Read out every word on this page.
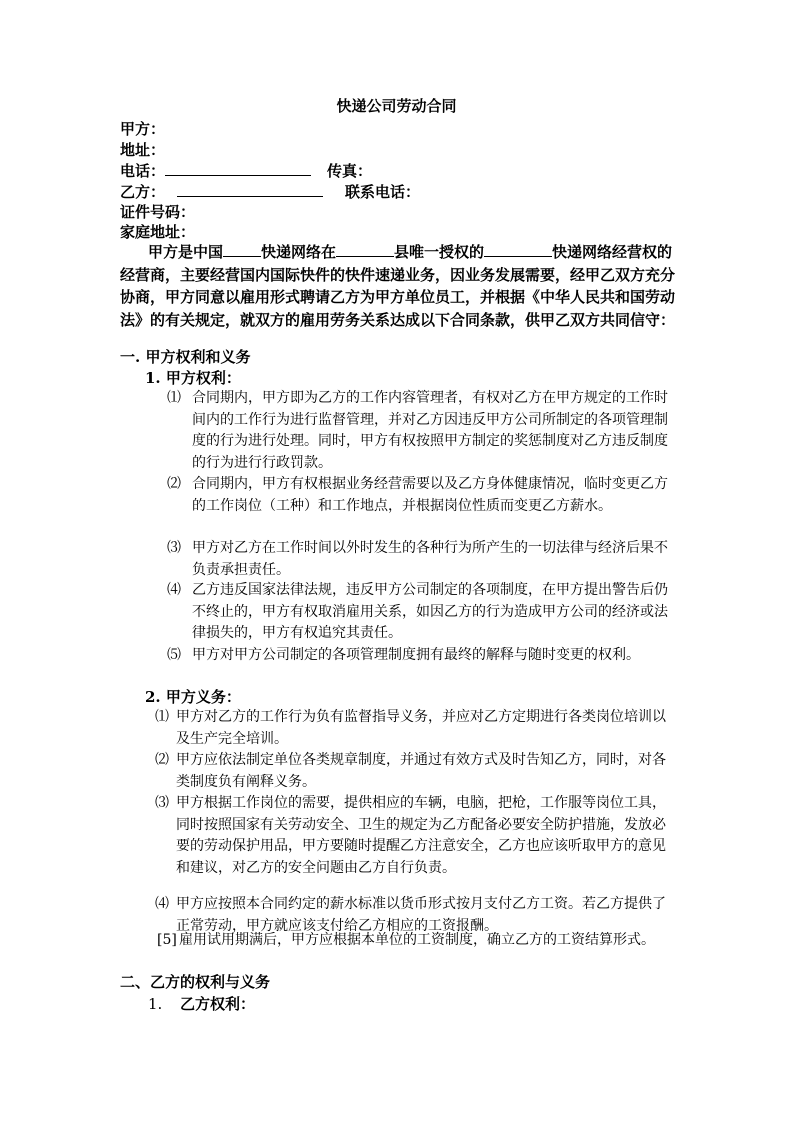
快递公司劳动合同
甲方：
地址：
电话：	传真：
乙方：	联系电话：
证件号码：
家庭地址：
甲方是中国	快递网络在	县唯一授权的	快递网络经营权的经营商，主要经营国内国际快件的快件速递业务，因业务发展需要，经甲乙双方充分协商，甲方同意以雇用形式聘请乙方为甲方单位员工，并根据《中华人民共和国劳动法》的有关规定，就双方的雇用劳务关系达成以下合同条款，供甲乙双方共同信守：
一. 甲方权利和义务
1. 甲方权利：
⑴ 合同期内，甲方即为乙方的工作内容管理者，有权对乙方在甲方规定的工作时间内的工作行为进行监督管理，并对乙方因违反甲方公司所制定的各项管理制度的行为进行处理。同时，甲方有权按照甲方制定的奖惩制度对乙方违反制度的行为进行行政罚款。
⑵ 合同期内，甲方有权根据业务经营需要以及乙方身体健康情况，临时变更乙方的工作岗位（工种）和工作地点，并根据岗位性质而变更乙方薪水。
⑶ 甲方对乙方在工作时间以外时发生的各种行为所产生的一切法律与经济后果不负责承担责任。
⑷ 乙方违反国家法律法规，违反甲方公司制定的各项制度，在甲方提出警告后仍不终止的，甲方有权取消雇用关系，如因乙方的行为造成甲方公司的经济或法律损失的，甲方有权追究其责任。
⑸ 甲方对甲方公司制定的各项管理制度拥有最终的解释与随时变更的权利。
2. 甲方义务：
⑴ 甲方对乙方的工作行为负有监督指导义务，并应对乙方定期进行各类岗位培训以及生产完全培训。
⑵ 甲方应依法制定单位各类规章制度，并通过有效方式及时告知乙方，同时，对各类制度负有阐释义务。
⑶ 甲方根据工作岗位的需要，提供相应的车辆，电脑，把枪，工作服等岗位工具，同时按照国家有关劳动安全、卫生的规定为乙方配备必要安全防护措施，发放必要的劳动保护用品，甲方要随时提醒乙方注意安全，乙方也应该听取甲方的意见和建议，对乙方的安全问题由乙方自行负责。
⑷ 甲方应按照本合同约定的薪水标准以货币形式按月支付乙方工资。若乙方提供了正常劳动，甲方就应该支付给乙方相应的工资报酬。
[5] 雇用试用期满后，甲方应根据本单位的工资制度，确立乙方的工资结算形式。
二、乙方的权利与义务
1. 乙方权利：
